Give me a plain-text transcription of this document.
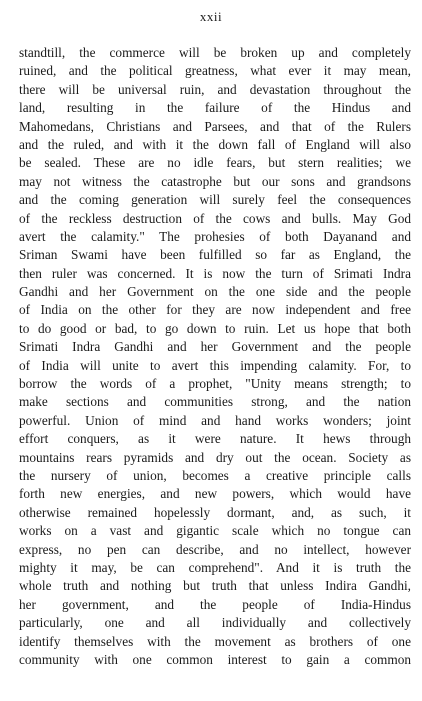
xxii
standtill, the commerce will be broken up and completely
ruined, and the political greatness, what ever it may mean,
there will be universal ruin, and devastation throughout the
land, resulting in the failure of the Hindus and
Mahomedans, Christians and Parsees, and that of the Rulers
and the ruled, and with it the down fall of England will also
be sealed. These are no idle fears, but stern realities; we
may not witness the catastrophe but our sons and grandsons
and the coming generation will surely feel the consequences
of the reckless destruction of the cows and bulls. May God
avert the calamity." The prohesies of both Dayanand and
Sriman Swami have been fulfilled so far as England, the
then ruler was concerned. It is now the turn of Srimati Indra
Gandhi and her Government on the one side and the people
of India on the other for they are now independent and free
to do good or bad, to go down to ruin. Let us hope that both
Srimati Indra Gandhi and her Government and the people
of India will unite to avert this impending calamity. For, to
borrow the words of a prophet, "Unity means strength; to
make sections and communities strong, and the nation
powerful. Union of mind and hand works wonders; joint
effort conquers, as it were nature. It hews through
mountains rears pyramids and dry out the ocean. Society as
the nursery of union, becomes a creative principle calls
forth new energies, and new powers, which would have
otherwise remained hopelessly dormant, and, as such, it
works on a vast and gigantic scale which no tongue can
express, no pen can describe, and no intellect, however
mighty it may, be can comprehend". And it is truth the
whole truth and nothing but truth that unless Indira Gandhi,
her government, and the people of India-Hindus
particularly, one and all individually and collectively
identify themselves with the movement as brothers of one
community with one common interest to gain a common
